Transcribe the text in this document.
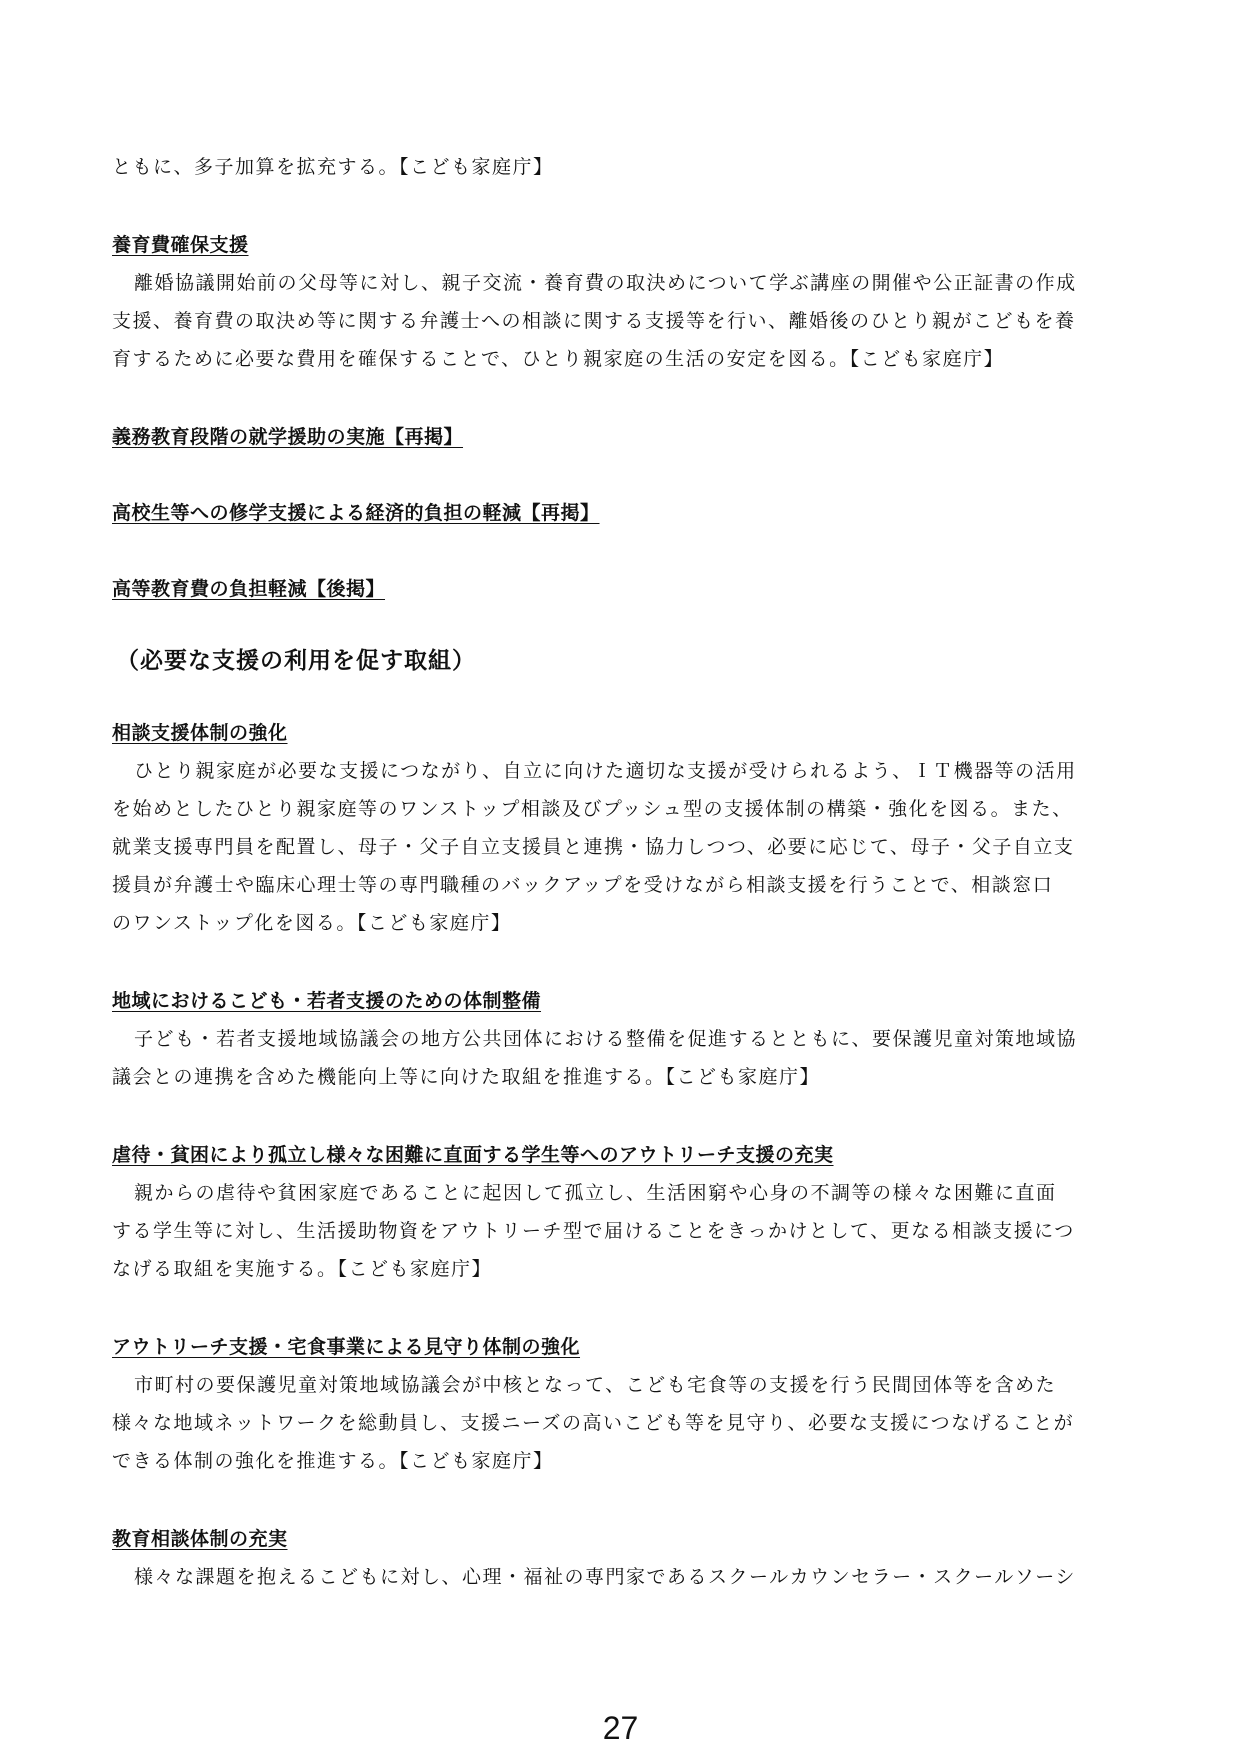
ともに、多子加算を拡充する。【こども家庭庁】

養育費確保支援

離婚協議開始前の父母等に対し、親子交流・養育費の取決めについて学ぶ講座の開催や公正証書の作成

支援、養育費の取決め等に関する弁護士への相談に関する支援等を行い、離婚後のひとり親がこどもを養

育するために必要な費用を確保することで、ひとり親家庭の生活の安定を図る。【こども家庭庁】

義務教育段階の就学援助の実施【再掲】

高校生等への修学支援による経済的負担の軽減【再掲】

高等教育費の負担軽減【後掲】

（必要な支援の利用を促す取組）

相談支援体制の強化

ひとり親家庭が必要な支援につながり、自立に向けた適切な支援が受けられるよう、ＩＴ機器等の活用

を始めとしたひとり親家庭等のワンストップ相談及びプッシュ型の支援体制の構築・強化を図る。また、

就業支援専門員を配置し、母子・父子自立支援員と連携・協力しつつ、必要に応じて、母子・父子自立支

援員が弁護士や臨床心理士等の専門職種のバックアップを受けながら相談支援を行うことで、相談窓口

のワンストップ化を図る。【こども家庭庁】

地域におけるこども・若者支援のための体制整備

子ども・若者支援地域協議会の地方公共団体における整備を促進するとともに、要保護児童対策地域協

議会との連携を含めた機能向上等に向けた取組を推進する。【こども家庭庁】

虐待・貧困により孤立し様々な困難に直面する学生等へのアウトリーチ支援の充実

親からの虐待や貧困家庭であることに起因して孤立し、生活困窮や心身の不調等の様々な困難に直面

する学生等に対し、生活援助物資をアウトリーチ型で届けることをきっかけとして、更なる相談支援につ

なげる取組を実施する。【こども家庭庁】

アウトリーチ支援・宅食事業による見守り体制の強化

市町村の要保護児童対策地域協議会が中核となって、こども宅食等の支援を行う民間団体等を含めた

様々な地域ネットワークを総動員し、支援ニーズの高いこども等を見守り、必要な支援につなげることが

できる体制の強化を推進する。【こども家庭庁】

教育相談体制の充実

様々な課題を抱えるこどもに対し、心理・福祉の専門家であるスクールカウンセラー・スクールソーシ

27
